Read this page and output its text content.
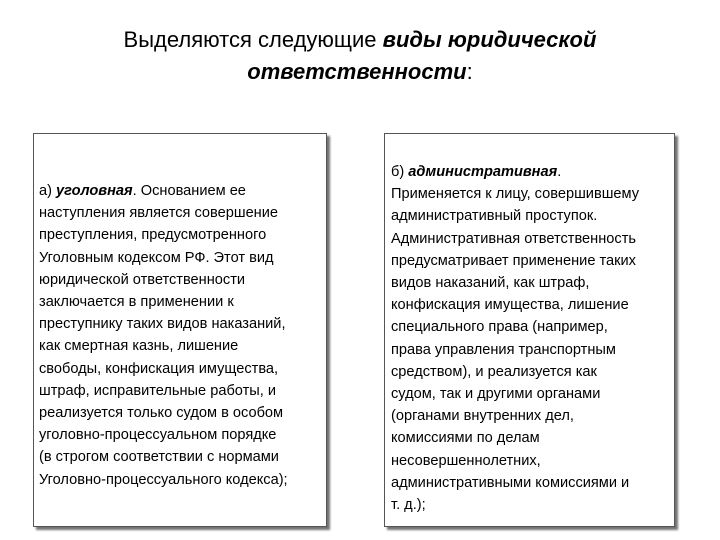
Выделяются следующие виды юридической
ответственности:
а) уголовная. Основанием ее
наступления является совершение
преступления, предусмотренного
Уголовным кодексом РФ. Этот вид
юридической ответственности
заключается в применении к
преступнику таких видов наказаний,
как смертная казнь, лишение
свободы, конфискация имущества,
штраф, исправительные работы, и
реализуется только судом в особом
уголовно-процессуальном порядке
(в строгом соответствии с нормами
Уголовно-процессуального кодекса);
б) административная.
Применяется к лицу, совершившему
административный проступок.
Административная ответственность
предусматривает применение таких
видов наказаний, как штраф,
конфискация имущества, лишение
специального права (например,
права управления транспортным
средством), и реализуется как
судом, так и другими органами
(органами внутренних дел,
комиссиями по делам
несовершеннолетних,
административными комиссиями и
т. д.);
